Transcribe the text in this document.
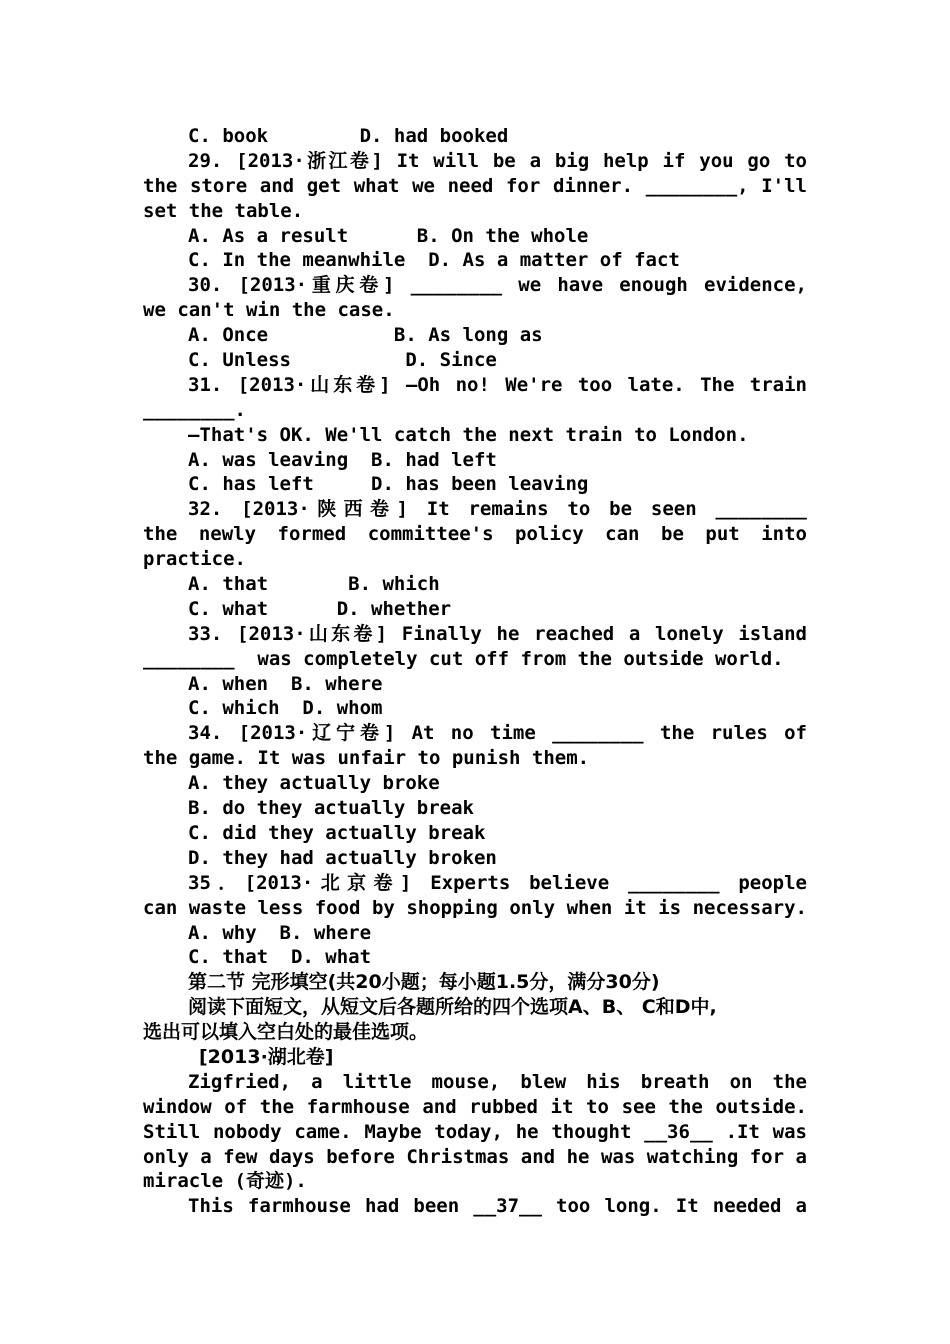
C. book        D. had booked
29. [2013·浙江卷] It will be a big help if you go to
the store and get what we need for dinner. ________, I'll
set the table.
A. As a result      B. On the whole
C. In the meanwhile  D. As a matter of fact
30. [2013·重庆卷] ________ we have enough evidence,
we can't win the case.
A. Once           B. As long as
C. Unless          D. Since
31. [2013·山东卷] —Oh no! We're too late. The train
________.
—That's OK. We'll catch the next train to London.
A. was leaving  B. had left
C. has left     D. has been leaving
32. [2013·陕西卷] It remains to be seen ________
the newly formed committee's policy can be put into
practice.
A. that       B. which
C. what      D. whether
33. [2013·山东卷] Finally he reached a lonely island
________  was completely cut off from the outside world.
A. when  B. where
C. which  D. whom
34. [2013·辽宁卷] At no time ________ the rules of
the game. It was unfair to punish them.
A. they actually broke
B. do they actually break
C. did they actually break
D. they had actually broken
35．[2013·北京卷] Experts believe ________ people
can waste less food by shopping only when it is necessary.
A. why  B. where
C. that  D. what
第二节 完形填空(共20小题；每小题1.5分，满分30分)
阅读下面短文，从短文后各题所给的四个选项A、B、 C和D中,
选出可以填入空白处的最佳选项。
[2013·湖北卷]
Zigfried, a little mouse, blew his breath on the
window of the farmhouse and rubbed it to see the outside.
Still nobody came. Maybe today, he thought __36__ .It was
only a few days before Christmas and he was watching for a
miracle (奇迹).
This farmhouse had been __37__ too long. It needed a
